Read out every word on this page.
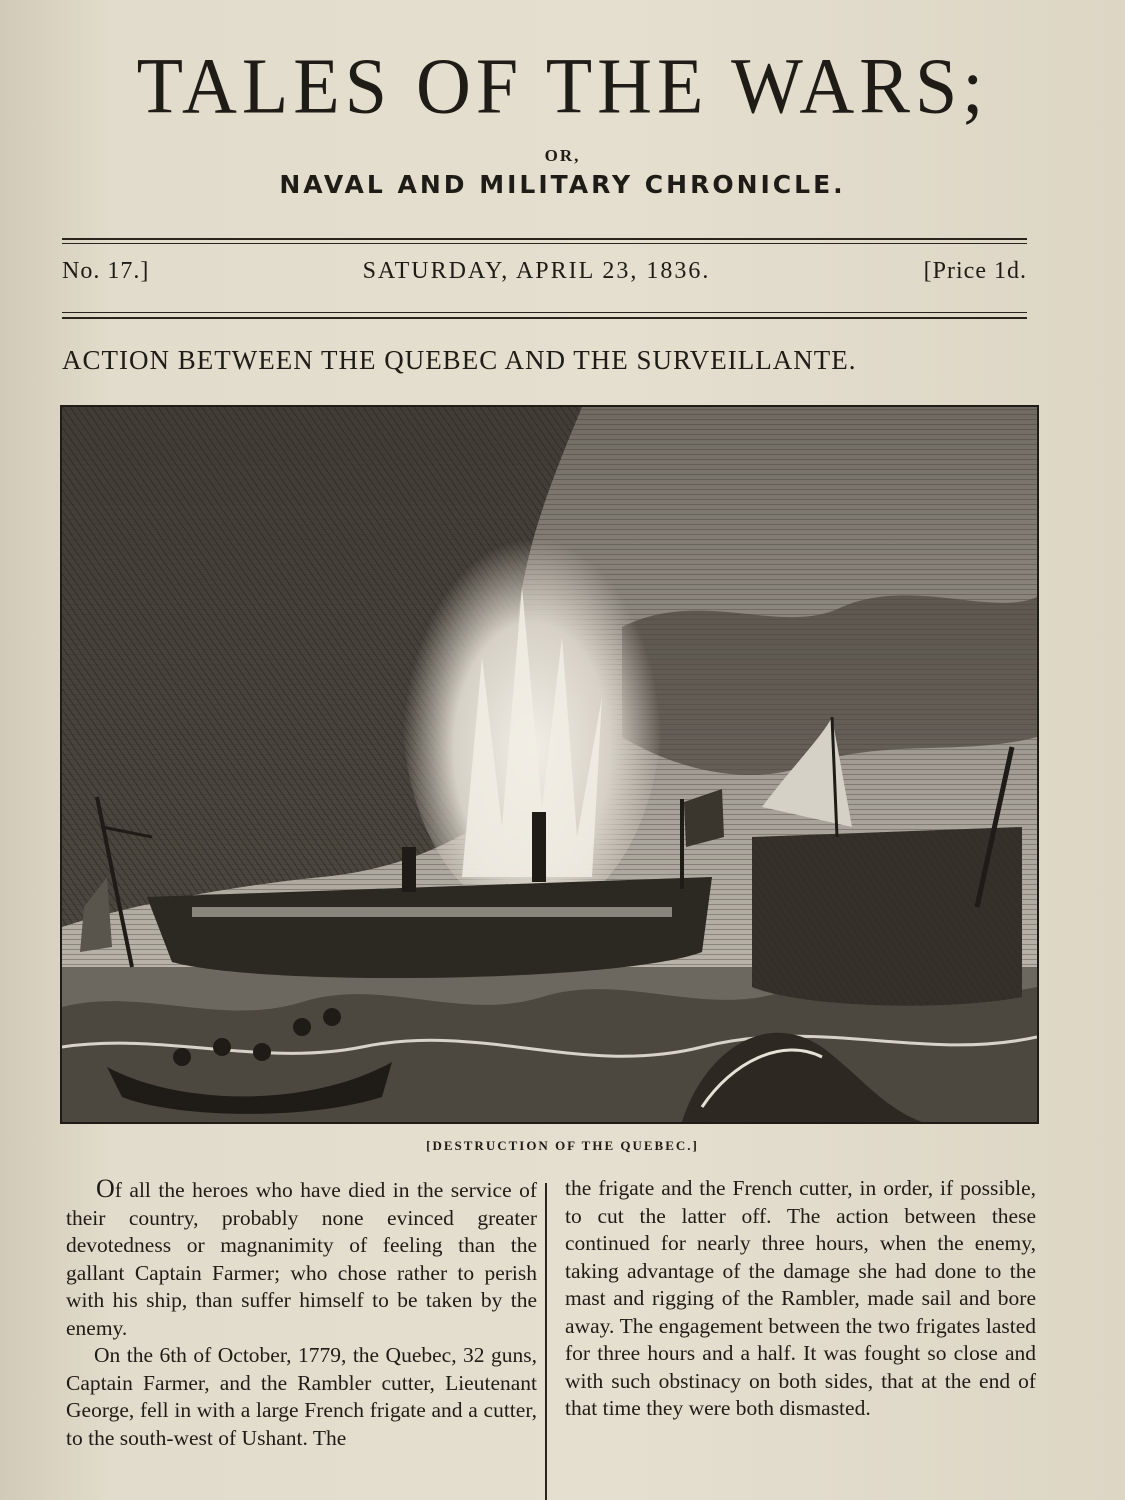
TALES OF THE WARS;
OR,
NAVAL AND MILITARY CHRONICLE.
No. 17.]	SATURDAY, APRIL 23, 1836.	[Price 1d.
ACTION BETWEEN THE QUEBEC AND THE SURVEILLANTE.
[DESTRUCTION OF THE QUEBEC.]

Of all the heroes who have died in the service of their country, probably none evinced greater devotedness or magnanimity of feeling than the gallant Captain Farmer; who chose rather to perish with his ship, than suffer himself to be taken by the enemy.

On the 6th of October, 1779, the Quebec, 32 guns, Captain Farmer, and the Rambler cutter, Lieutenant George, fell in with a large French frigate and a cutter, to the south-west of Ushant. The

the frigate and the French cutter, in order, if possible, to cut the latter off. The action between these continued for nearly three hours, when the enemy, taking advantage of the damage she had done to the mast and rigging of the Rambler, made sail and bore away. The engagement between the two frigates lasted for three hours and a half. It was fought so close and with such obstinacy on both sides, that at the end of that time they were both dismasted.
